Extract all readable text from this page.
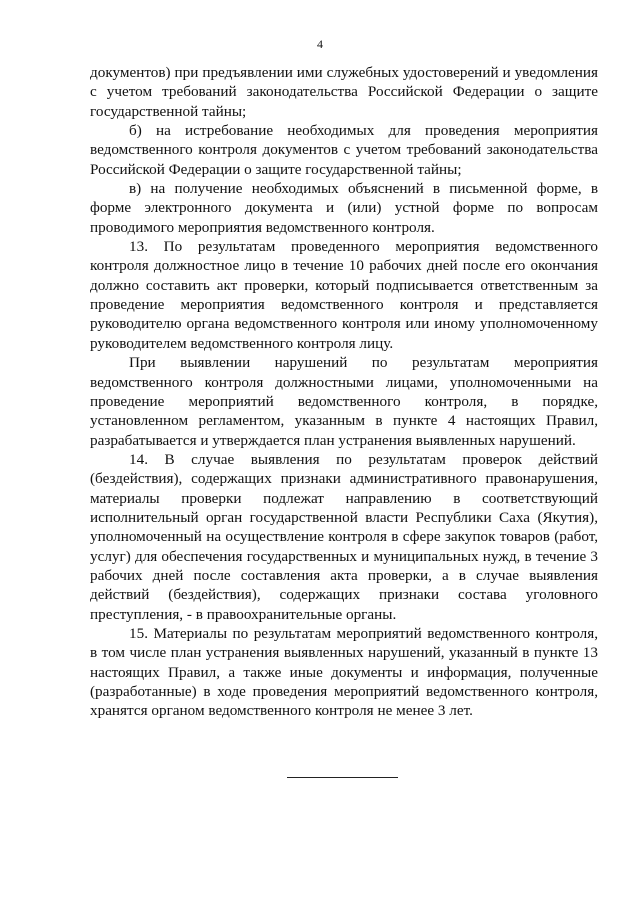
4

документов) при предъявлении ими служебных удостоверений и уведомления с учетом требований законодательства Российской Федерации о защите государственной тайны;

б) на истребование необходимых для проведения мероприятия ведомственного контроля документов с учетом требований законодательства Российской Федерации о защите государственной тайны;

в) на получение необходимых объяснений в письменной форме, в форме электронного документа и (или) устной форме по вопросам проводимого мероприятия ведомственного контроля.

13. По результатам проведенного мероприятия ведомственного контроля должностное лицо в течение 10 рабочих дней после его окончания должно составить акт проверки, который подписывается ответственным за проведение мероприятия ведомственного контроля и представляется руководителю органа ведомственного контроля или иному уполномоченному руководителем ведомственного контроля лицу.

При выявлении нарушений по результатам мероприятия ведомственного контроля должностными лицами, уполномоченными на проведение мероприятий ведомственного контроля, в порядке, установленном регламентом, указанным в пункте 4 настоящих Правил, разрабатывается и утверждается план устранения выявленных нарушений.

14. В случае выявления по результатам проверок действий (бездействия), содержащих признаки административного правонарушения, материалы проверки подлежат направлению в соответствующий исполнительный орган государственной власти Республики Саха (Якутия), уполномоченный на осуществление контроля в сфере закупок товаров (работ, услуг) для обеспечения государственных и муниципальных нужд, в течение 3 рабочих дней после составления акта проверки, а в случае выявления действий (бездействия), содержащих признаки состава уголовного преступления, - в правоохранительные органы.

15. Материалы по результатам мероприятий ведомственного контроля, в том числе план устранения выявленных нарушений, указанный в пункте 13 настоящих Правил, а также иные документы и информация, полученные (разработанные) в ходе проведения мероприятий ведомственного контроля, хранятся органом ведомственного контроля не менее 3 лет.
